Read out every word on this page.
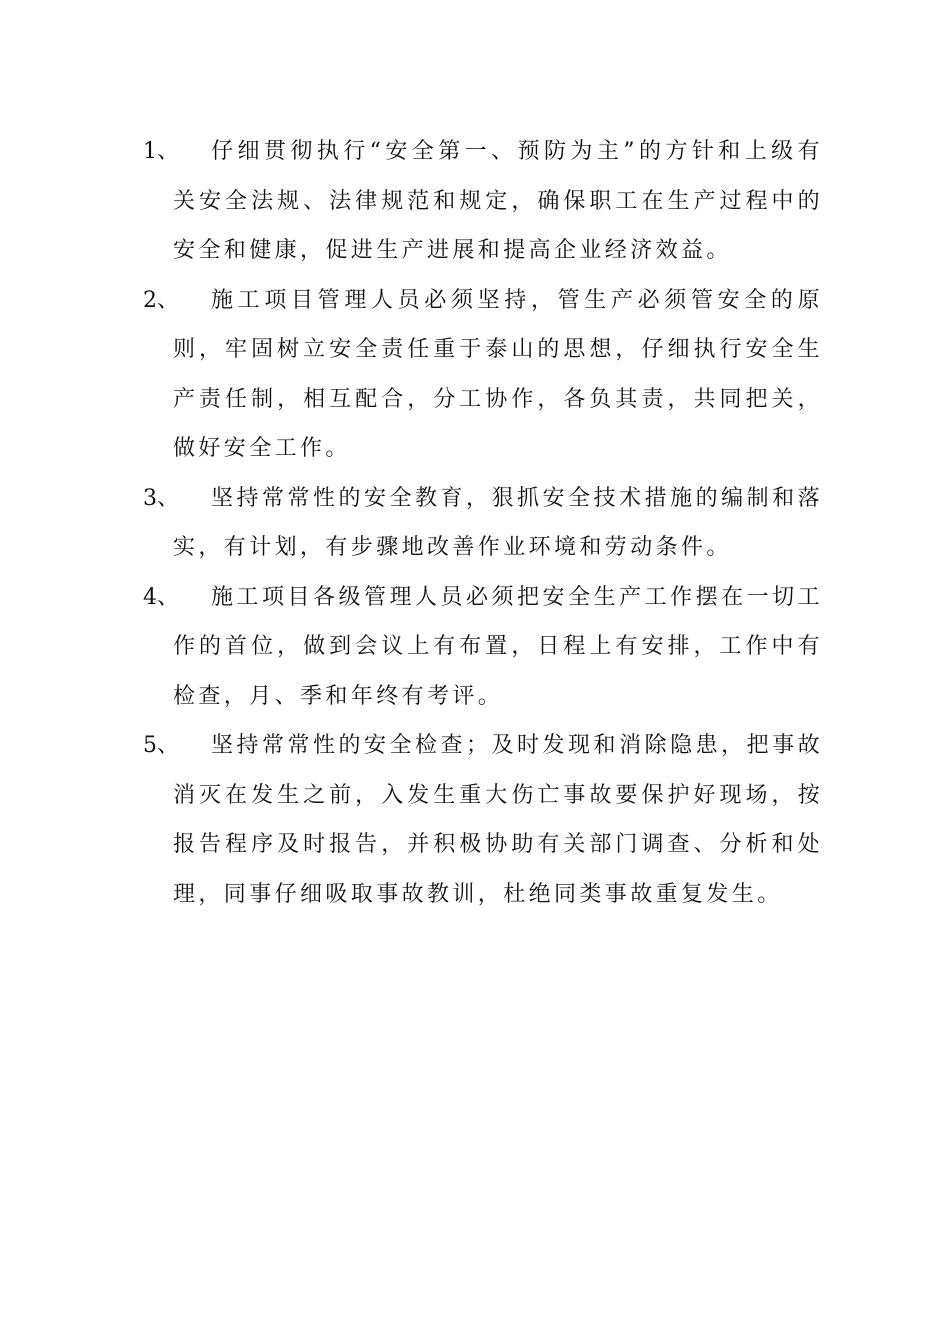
1、	仔细贯彻执行“安全第一、预防为主”的方针和上级有关安全法规、法律规范和规定，确保职工在生产过程中的安全和健康，促进生产进展和提高企业经济效益。
2、	施工项目管理人员必须坚持，管生产必须管安全的原则，牢固树立安全责任重于泰山的思想，仔细执行安全生产责任制，相互配合，分工协作，各负其责，共同把关，做好安全工作。
3、	坚持常常性的安全教育，狠抓安全技术措施的编制和落实，有计划，有步骤地改善作业环境和劳动条件。
4、	施工项目各级管理人员必须把安全生产工作摆在一切工作的首位，做到会议上有布置，日程上有安排，工作中有检查，月、季和年终有考评。
5、	坚持常常性的安全检查；及时发现和消除隐患，把事故消灭在发生之前，入发生重大伤亡事故要保护好现场，按报告程序及时报告，并积极协助有关部门调查、分析和处理，同事仔细吸取事故教训，杜绝同类事故重复发生。
